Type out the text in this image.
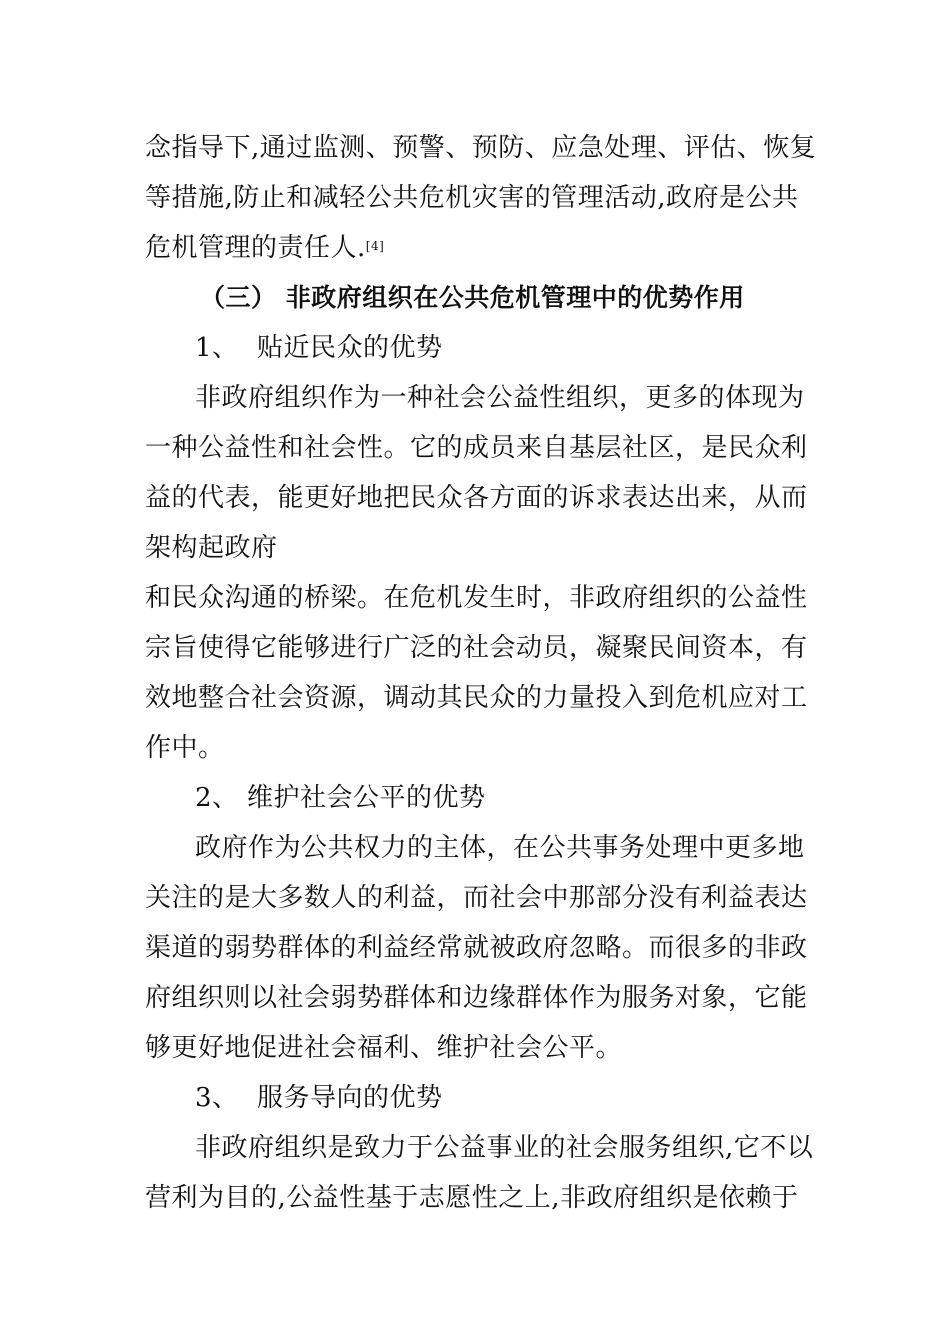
念指导下,通过监测、预警、预防、应急处理、评估、恢复
等措施,防止和减轻公共危机灾害的管理活动,政府是公共
危机管理的责任人.[4]
（三） 非政府组织在公共危机管理中的优势作用
1、 贴近民众的优势
非政府组织作为一种社会公益性组织，更多的体现为
一种公益性和社会性。它的成员来自基层社区，是民众利
益的代表，能更好地把民众各方面的诉求表达出来，从而
架构起政府
和民众沟通的桥梁。在危机发生时，非政府组织的公益性
宗旨使得它能够进行广泛的社会动员，凝聚民间资本，有
效地整合社会资源，调动其民众的力量投入到危机应对工
作中。
2、 维护社会公平的优势
政府作为公共权力的主体，在公共事务处理中更多地
关注的是大多数人的利益，而社会中那部分没有利益表达
渠道的弱势群体的利益经常就被政府忽略。而很多的非政
府组织则以社会弱势群体和边缘群体作为服务对象，它能
够更好地促进社会福利、维护社会公平。
3、 服务导向的优势
非政府组织是致力于公益事业的社会服务组织,它不以
营利为目的,公益性基于志愿性之上,非政府组织是依赖于
